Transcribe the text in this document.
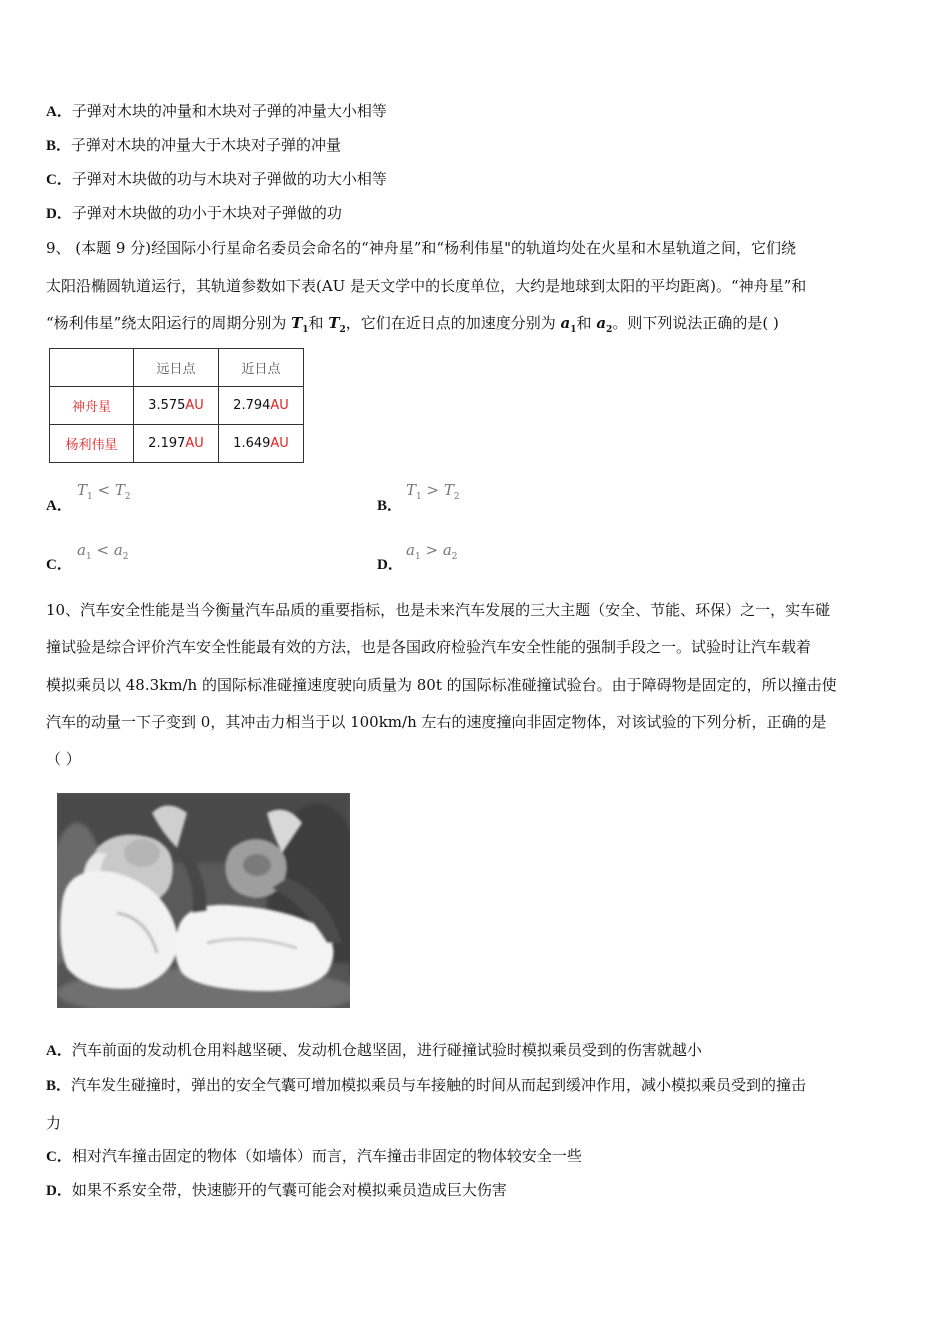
A．子弹对木块的冲量和木块对子弹的冲量大小相等
B．子弹对木块的冲量大于木块对子弹的冲量
C．子弹对木块做的功与木块对子弹做的功大小相等
D．子弹对木块做的功小于木块对子弹做的功
9、 (本题 9 分)经国际小行星命名委员会命名的“神舟星”和“杨利伟星"的轨道均处在火星和木星轨道之间，它们绕
太阳沿椭圆轨道运行，其轨道参数如下表(AU 是天文学中的长度单位，大约是地球到太阳的平均距离)。“神舟星”和
“杨利伟星”绕太阳运行的周期分别为 $T_1$和 $T_2$，它们在近日点的加速度分别为 $a_1$和 $a_2$。则下列说法正确的是( )
	远日点	近日点
神舟星	3.575AU	2.794AU
杨利伟星	2.197AU	1.649AU
A．
$T_1 < T_2$
B．
$T_1 > T_2$
C．
$a_1 < a_2$	D．
$a_1 > a_2$
10、汽车安全性能是当今衡量汽车品质的重要指标，也是未来汽车发展的三大主题（安全、节能、环保）之一，实车碰
撞试验是综合评价汽车安全性能最有效的方法，也是各国政府检验汽车安全性能的强制手段之一。试验时让汽车载着
模拟乘员以 48.3km/h 的国际标准碰撞速度驶向质量为 80t 的国际标准碰撞试验台。由于障碍物是固定的，所以撞击使
汽车的动量一下子变到 0，其冲击力相当于以 100km/h 左右的速度撞向非固定物体，对该试验的下列分析，正确的是
（ ）
A．汽车前面的发动机仓用料越坚硬、发动机仓越坚固，进行碰撞试验时模拟乘员受到的伤害就越小
B．汽车发生碰撞时，弹出的安全气囊可增加模拟乘员与车接触的时间从而起到缓冲作用，减小模拟乘员受到的撞击
力
C．相对汽车撞击固定的物体（如墙体）而言，汽车撞击非固定的物体较安全一些
D．如果不系安全带，快速膨开的气囊可能会对模拟乘员造成巨大伤害
